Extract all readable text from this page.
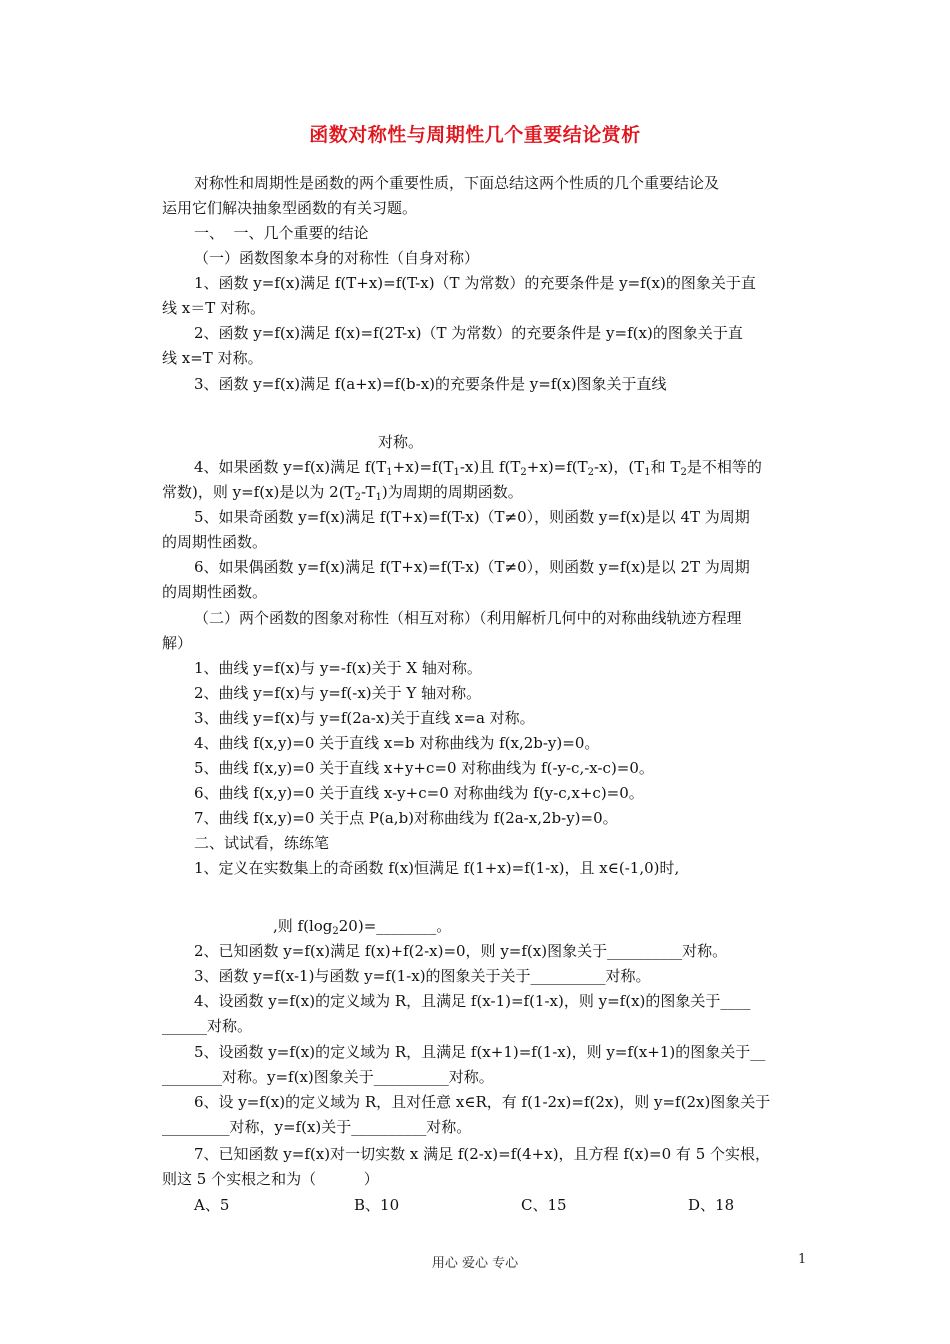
函数对称性与周期性几个重要结论赏析
对称性和周期性是函数的两个重要性质，下面总结这两个性质的几个重要结论及
运用它们解决抽象型函数的有关习题。
一、  一、几个重要的结论
（一）函数图象本身的对称性（自身对称）
1、函数 y=f(x)满足 f(T+x)=f(T-x)（T 为常数）的充要条件是 y=f(x)的图象关于直
线 x＝T 对称。
2、函数 y=f(x)满足 f(x)=f(2T-x)（T 为常数）的充要条件是 y=f(x)的图象关于直
线 x=T 对称。
3、函数 y=f(x)满足 f(a+x)=f(b-x)的充要条件是 y=f(x)图象关于直线
对称。
4、如果函数 y=f(x)满足 $f(T_1+x)=f(T_1-x)$且 $f(T_2+x)=f(T_2-x)$，($T_1$和 $T_2$是不相等的
常数)，则 y=f(x)是以为 $2(T_2-T_1)$为周期的周期函数。
5、如果奇函数 y=f(x)满足 f(T+x)=f(T-x)（T≠0），则函数 y=f(x)是以 4T 为周期
的周期性函数。
6、如果偶函数 y=f(x)满足 f(T+x)=f(T-x)（T≠0），则函数 y=f(x)是以 2T 为周期
的周期性函数。
（二）两个函数的图象对称性（相互对称）（利用解析几何中的对称曲线轨迹方程理
解）
1、曲线 y=f(x)与 y=-f(x)关于 X 轴对称。
2、曲线 y=f(x)与 y=f(-x)关于 Y 轴对称。
3、曲线 y=f(x)与 y=f(2a-x)关于直线 x=a 对称。
4、曲线 f(x,y)=0 关于直线 x=b 对称曲线为 f(x,2b-y)=0。
5、曲线 f(x,y)=0 关于直线 x+y+c=0 对称曲线为 f(-y-c,-x-c)=0。
6、曲线 f(x,y)=0 关于直线 x-y+c=0 对称曲线为 f(y-c,x+c)=0。
7、曲线 f(x,y)=0 关于点 P(a,b)对称曲线为 f(2a-x,2b-y)=0。
二、试试看，练练笔
1、定义在实数集上的奇函数 f(x)恒满足 f(1+x)=f(1-x)，且 x∈(-1,0)时,
,则 $f(\log_220)=\_\_\_\_\_\_\_\_$。
2、已知函数 y=f(x)满足 f(x)+f(2-x)=0，则 y=f(x)图象关于__________对称。
3、函数 y=f(x-1)与函数 y=f(1-x)的图象关于关于__________对称。
4、设函数 y=f(x)的定义域为 R，且满足 f(x-1)=f(1-x)，则 y=f(x)的图象关于____
______对称。
5、设函数 y=f(x)的定义域为 R，且满足 f(x+1)=f(1-x)，则 y=f(x+1)的图象关于__
________对称。y=f(x)图象关于__________对称。
6、设 y=f(x)的定义域为 R，且对任意 x∈R，有 f(1-2x)=f(2x)，则 y=f(2x)图象关于
_________对称，y=f(x)关于__________对称。
7、已知函数 y=f(x)对一切实数 x 满足 f(2-x)=f(4+x)，且方程 f(x)=0 有 5 个实根，
则这 5 个实根之和为（          ）
A、5	B、10	C、15	D、18
用心 爱心 专心	1
